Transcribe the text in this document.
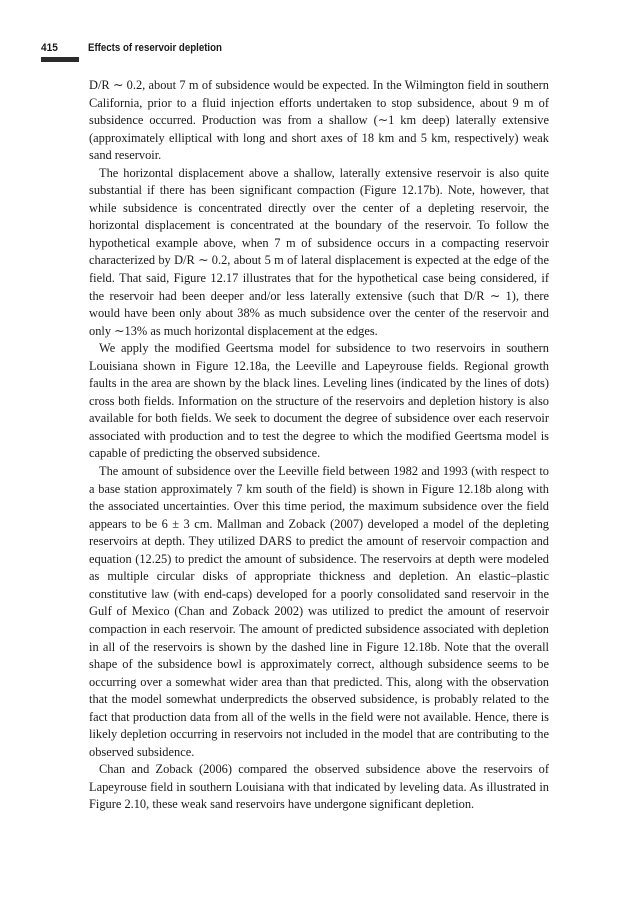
415	Effects of reservoir depletion

D/R ∼ 0.2, about 7 m of subsidence would be expected. In the Wilmington field in southern California, prior to a fluid injection efforts undertaken to stop subsidence, about 9 m of subsidence occurred. Production was from a shallow (∼1 km deep) laterally extensive (approximately elliptical with long and short axes of 18 km and 5 km, respectively) weak sand reservoir.

The horizontal displacement above a shallow, laterally extensive reservoir is also quite substantial if there has been significant compaction (Figure 12.17b). Note, however, that while subsidence is concentrated directly over the center of a depleting reservoir, the horizontal displacement is concentrated at the boundary of the reservoir. To follow the hypothetical example above, when 7 m of subsidence occurs in a compacting reservoir characterized by D/R ∼ 0.2, about 5 m of lateral displacement is expected at the edge of the field. That said, Figure 12.17 illustrates that for the hypothetical case being considered, if the reservoir had been deeper and/or less laterally extensive (such that D/R ∼ 1), there would have been only about 38% as much subsidence over the center of the reservoir and only ∼13% as much horizontal displacement at the edges.

We apply the modified Geertsma model for subsidence to two reservoirs in southern Louisiana shown in Figure 12.18a, the Leeville and Lapeyrouse fields. Regional growth faults in the area are shown by the black lines. Leveling lines (indicated by the lines of dots) cross both fields. Information on the structure of the reservoirs and depletion history is also available for both fields. We seek to document the degree of subsidence over each reservoir associated with production and to test the degree to which the modified Geertsma model is capable of predicting the observed subsidence.

The amount of subsidence over the Leeville field between 1982 and 1993 (with respect to a base station approximately 7 km south of the field) is shown in Figure 12.18b along with the associated uncertainties. Over this time period, the maximum subsidence over the field appears to be 6 ± 3 cm. Mallman and Zoback (2007) developed a model of the depleting reservoirs at depth. They utilized DARS to predict the amount of reservoir compaction and equation (12.25) to predict the amount of subsidence. The reservoirs at depth were modeled as multiple circular disks of appropriate thickness and depletion. An elastic–plastic constitutive law (with end-caps) developed for a poorly consolidated sand reservoir in the Gulf of Mexico (Chan and Zoback 2002) was utilized to predict the amount of reservoir compaction in each reservoir. The amount of predicted subsidence associated with depletion in all of the reservoirs is shown by the dashed line in Figure 12.18b. Note that the overall shape of the subsidence bowl is approximately correct, although subsidence seems to be occurring over a somewhat wider area than that predicted. This, along with the observation that the model somewhat underpredicts the observed subsidence, is probably related to the fact that production data from all of the wells in the field were not available. Hence, there is likely depletion occurring in reservoirs not included in the model that are contributing to the observed subsidence.

Chan and Zoback (2006) compared the observed subsidence above the reservoirs of Lapeyrouse field in southern Louisiana with that indicated by leveling data. As illustrated in Figure 2.10, these weak sand reservoirs have undergone significant depletion.
